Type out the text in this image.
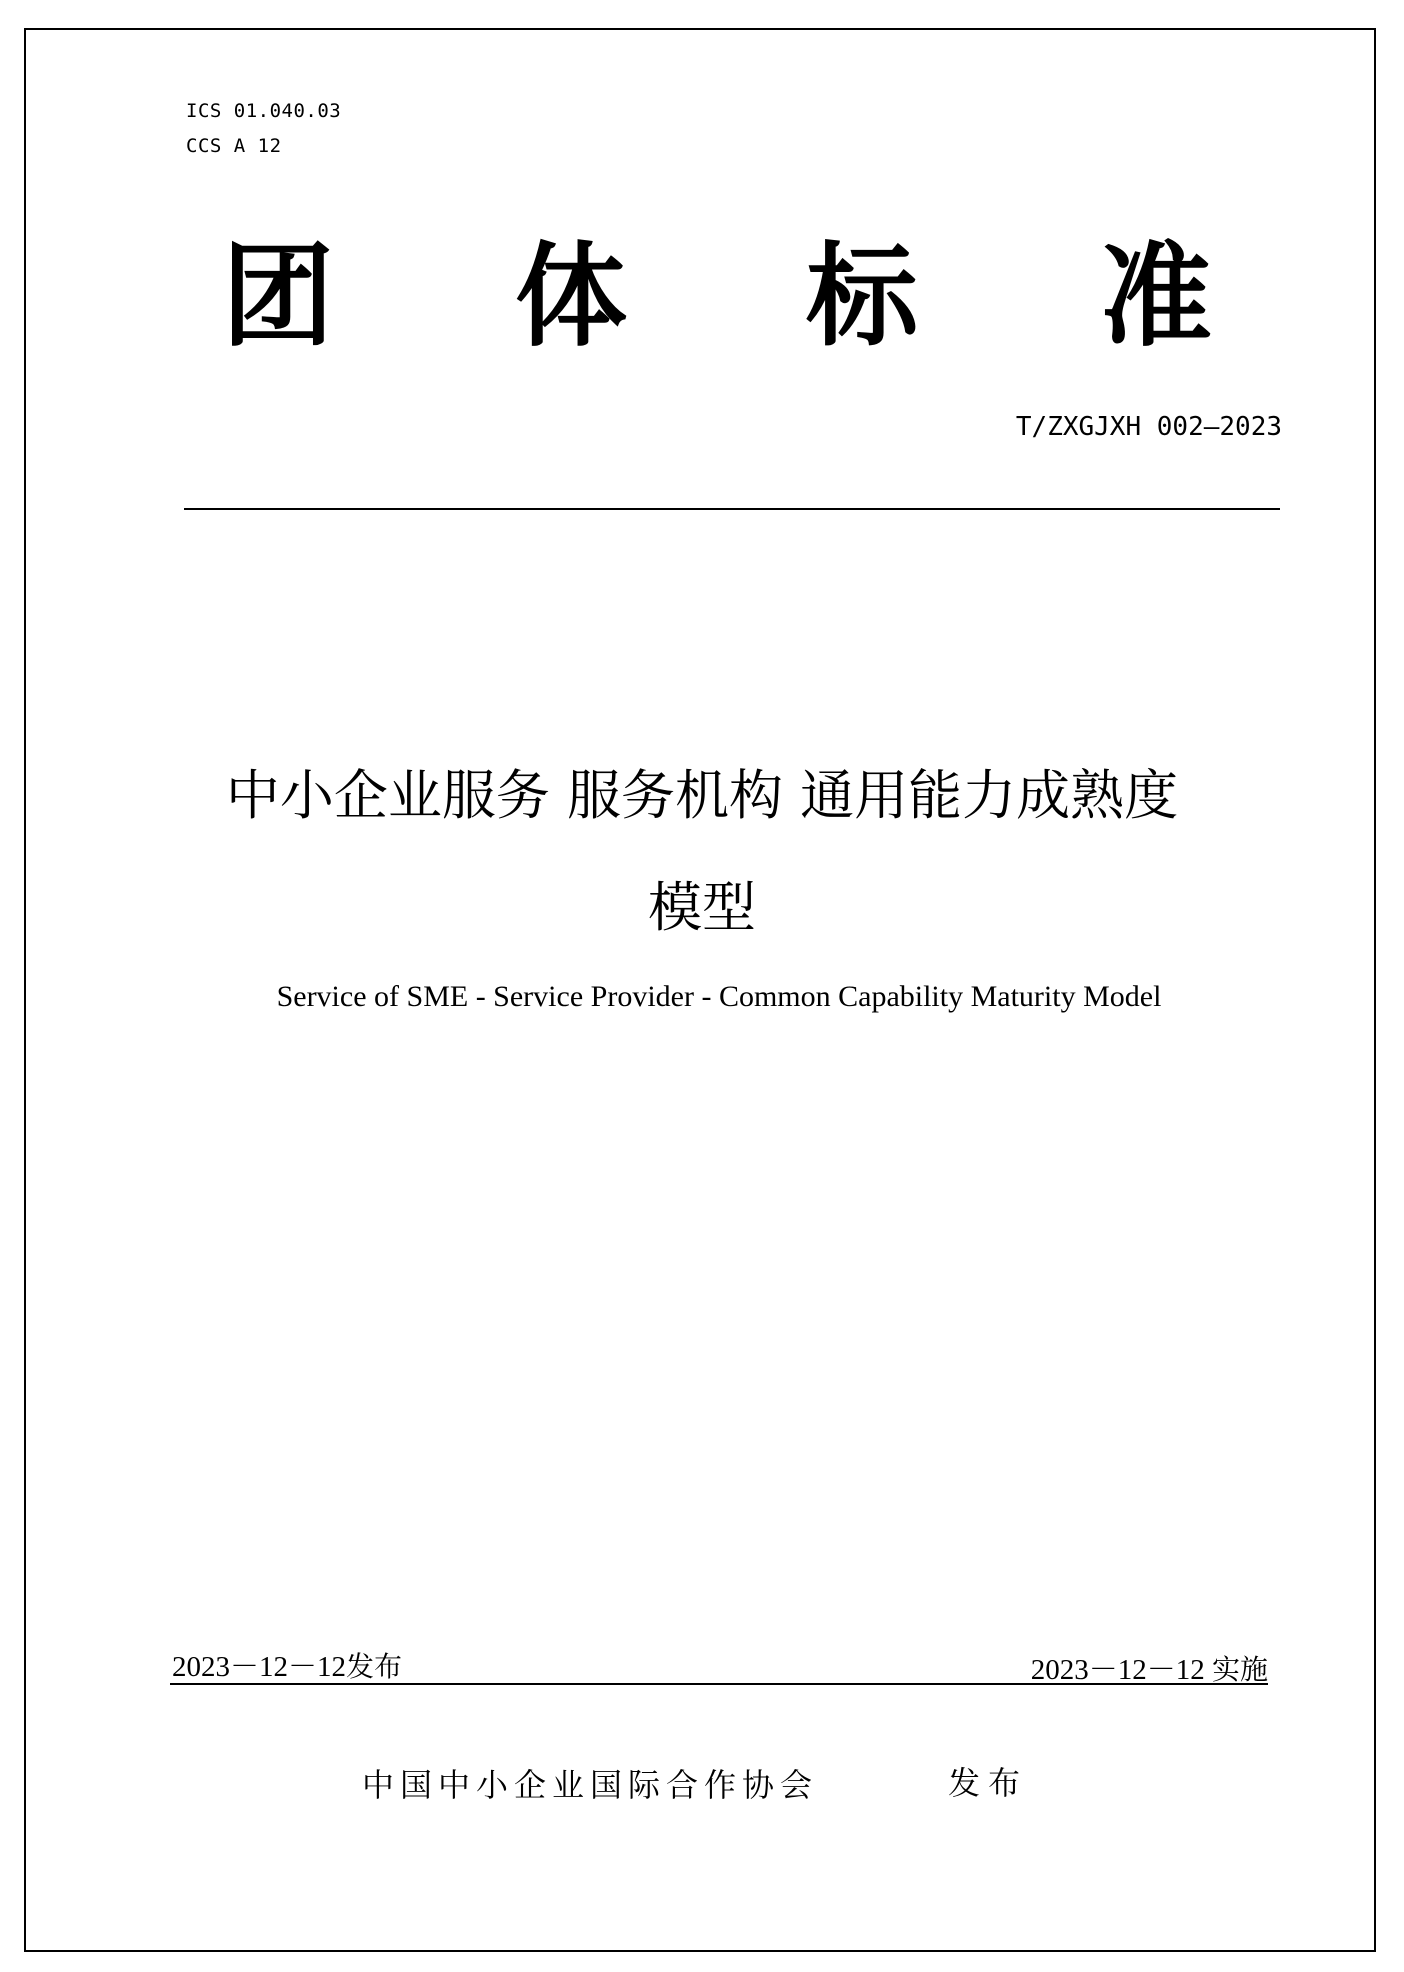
ICS 01.040.03
CCS A 12
团 体 标 准
T/ZXGJXH 002—2023
中小企业服务 服务机构 通用能力成熟度
模型
Service of SME - Service Provider - Common Capability Maturity Model
2023－12－12发布	2023－12－12 实施
中国中小企业国际合作协会	发布
